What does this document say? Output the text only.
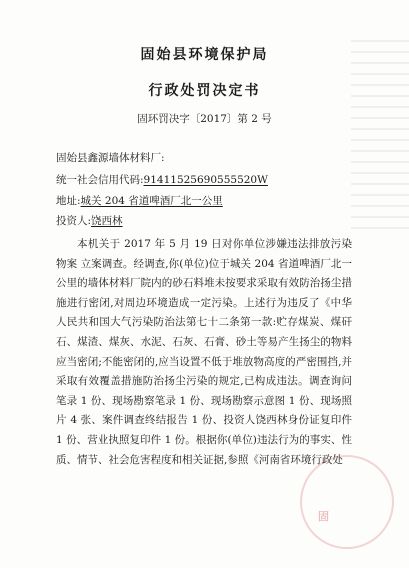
固始县环境保护局
行政处罚决定书
固环罚决字〔2017〕第 2 号
固始县鑫源墙体材料厂:
统一社会信用代码:91411525690555520W
地址:城关 204 省道啤酒厂北一公里
投资人:饶西林
本机关于 2017 年 5 月 19 日对你单位涉嫌违法排放污染物案 立案调查。经调查,你(单位)位于城关 204 省道啤酒厂北一公里的墙体材料厂院内的砂石料堆未按要求采取有效防治扬尘措施进行密闭,对周边环境造成一定污染。上述行为违反了《中华人民共和国大气污染防治法第七十二条第一款:贮存煤炭、煤矸石、煤渣、煤灰、水泥、石灰、石膏、砂土等易产生扬尘的物料应当密闭;不能密闭的,应当设置不低于堆放物高度的严密围挡,并采取有效覆盖措施防治扬尘污染的规定,已构成违法。调查询问笔录 1 份、现场勘察笔录 1 份、现场勘察示意图 1 份、现场照片 4 张、案件调查终结报告 1 份、投资人饶西林身份证复印件 1 份、营业执照复印件 1 份。根据你(单位)违法行为的事实、性质、情节、社会危害程度和相关证据,参照《河南省环境行政处
固
